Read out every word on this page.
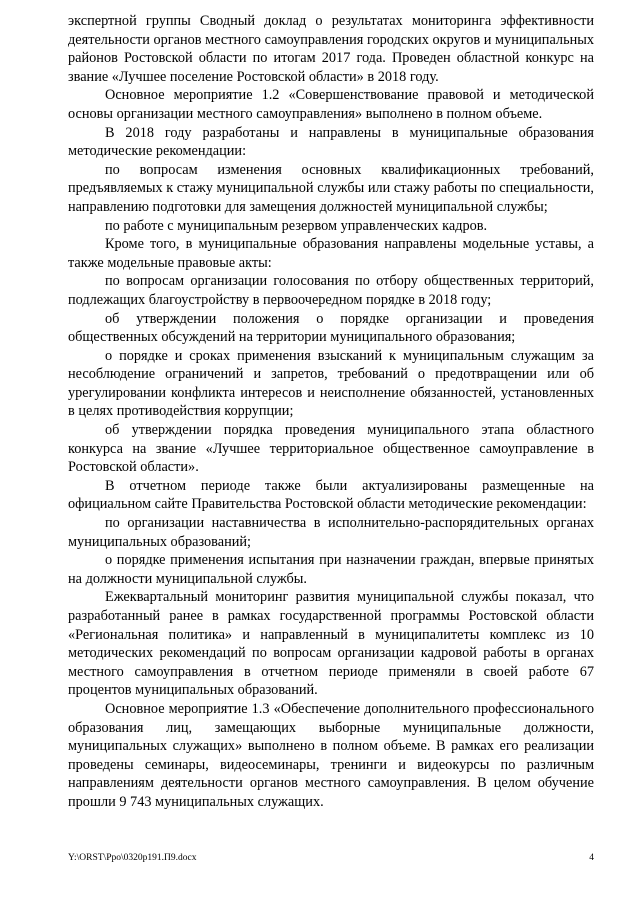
экспертной группы Сводный доклад о результатах мониторинга эффективности деятельности органов местного самоуправления городских округов и муниципальных районов Ростовской области по итогам 2017 года. Проведен областной конкурс на звание «Лучшее поселение Ростовской области» в 2018 году.

Основное мероприятие 1.2 «Совершенствование правовой и методической основы организации местного самоуправления» выполнено в полном объеме.

В 2018 году разработаны и направлены в муниципальные образования методические рекомендации:

по вопросам изменения основных квалификационных требований, предъявляемых к стажу муниципальной службы или стажу работы по специальности, направлению подготовки для замещения должностей муниципальной службы;

по работе с муниципальным резервом управленческих кадров.

Кроме того, в муниципальные образования направлены модельные уставы, а также модельные правовые акты:

по вопросам организации голосования по отбору общественных территорий, подлежащих благоустройству в первоочередном порядке в 2018 году;

об утверждении положения о порядке организации и проведения общественных обсуждений на территории муниципального образования;

о порядке и сроках применения взысканий к муниципальным служащим за несоблюдение ограничений и запретов, требований о предотвращении или об урегулировании конфликта интересов и неисполнение обязанностей, установленных в целях противодействия коррупции;

об утверждении порядка проведения муниципального этапа областного конкурса на звание «Лучшее территориальное общественное самоуправление в Ростовской области».

В отчетном периоде также были актуализированы размещенные на официальном сайте Правительства Ростовской области методические рекомендации:

по организации наставничества в исполнительно-распорядительных органах муниципальных образований;

о порядке применения испытания при назначении граждан, впервые принятых на должности муниципальной службы.

Ежеквартальный мониторинг развития муниципальной службы показал, что разработанный ранее в рамках государственной программы Ростовской области «Региональная политика» и направленный в муниципалитеты комплекс из 10 методических рекомендаций по вопросам организации кадровой работы в органах местного самоуправления в отчетном периоде применяли в своей работе 67 процентов муниципальных образований.

Основное мероприятие 1.3 «Обеспечение дополнительного профессионального образования лиц, замещающих выборные муниципальные должности, муниципальных служащих» выполнено в полном объеме. В рамках его реализации проведены семинары, видеосеминары, тренинги и видеокурсы по различным направлениям деятельности органов местного самоуправления. В целом обучение прошли 9 743 муниципальных служащих.

Y:\ORST\Ppo\0320p191.П9.docx	4
